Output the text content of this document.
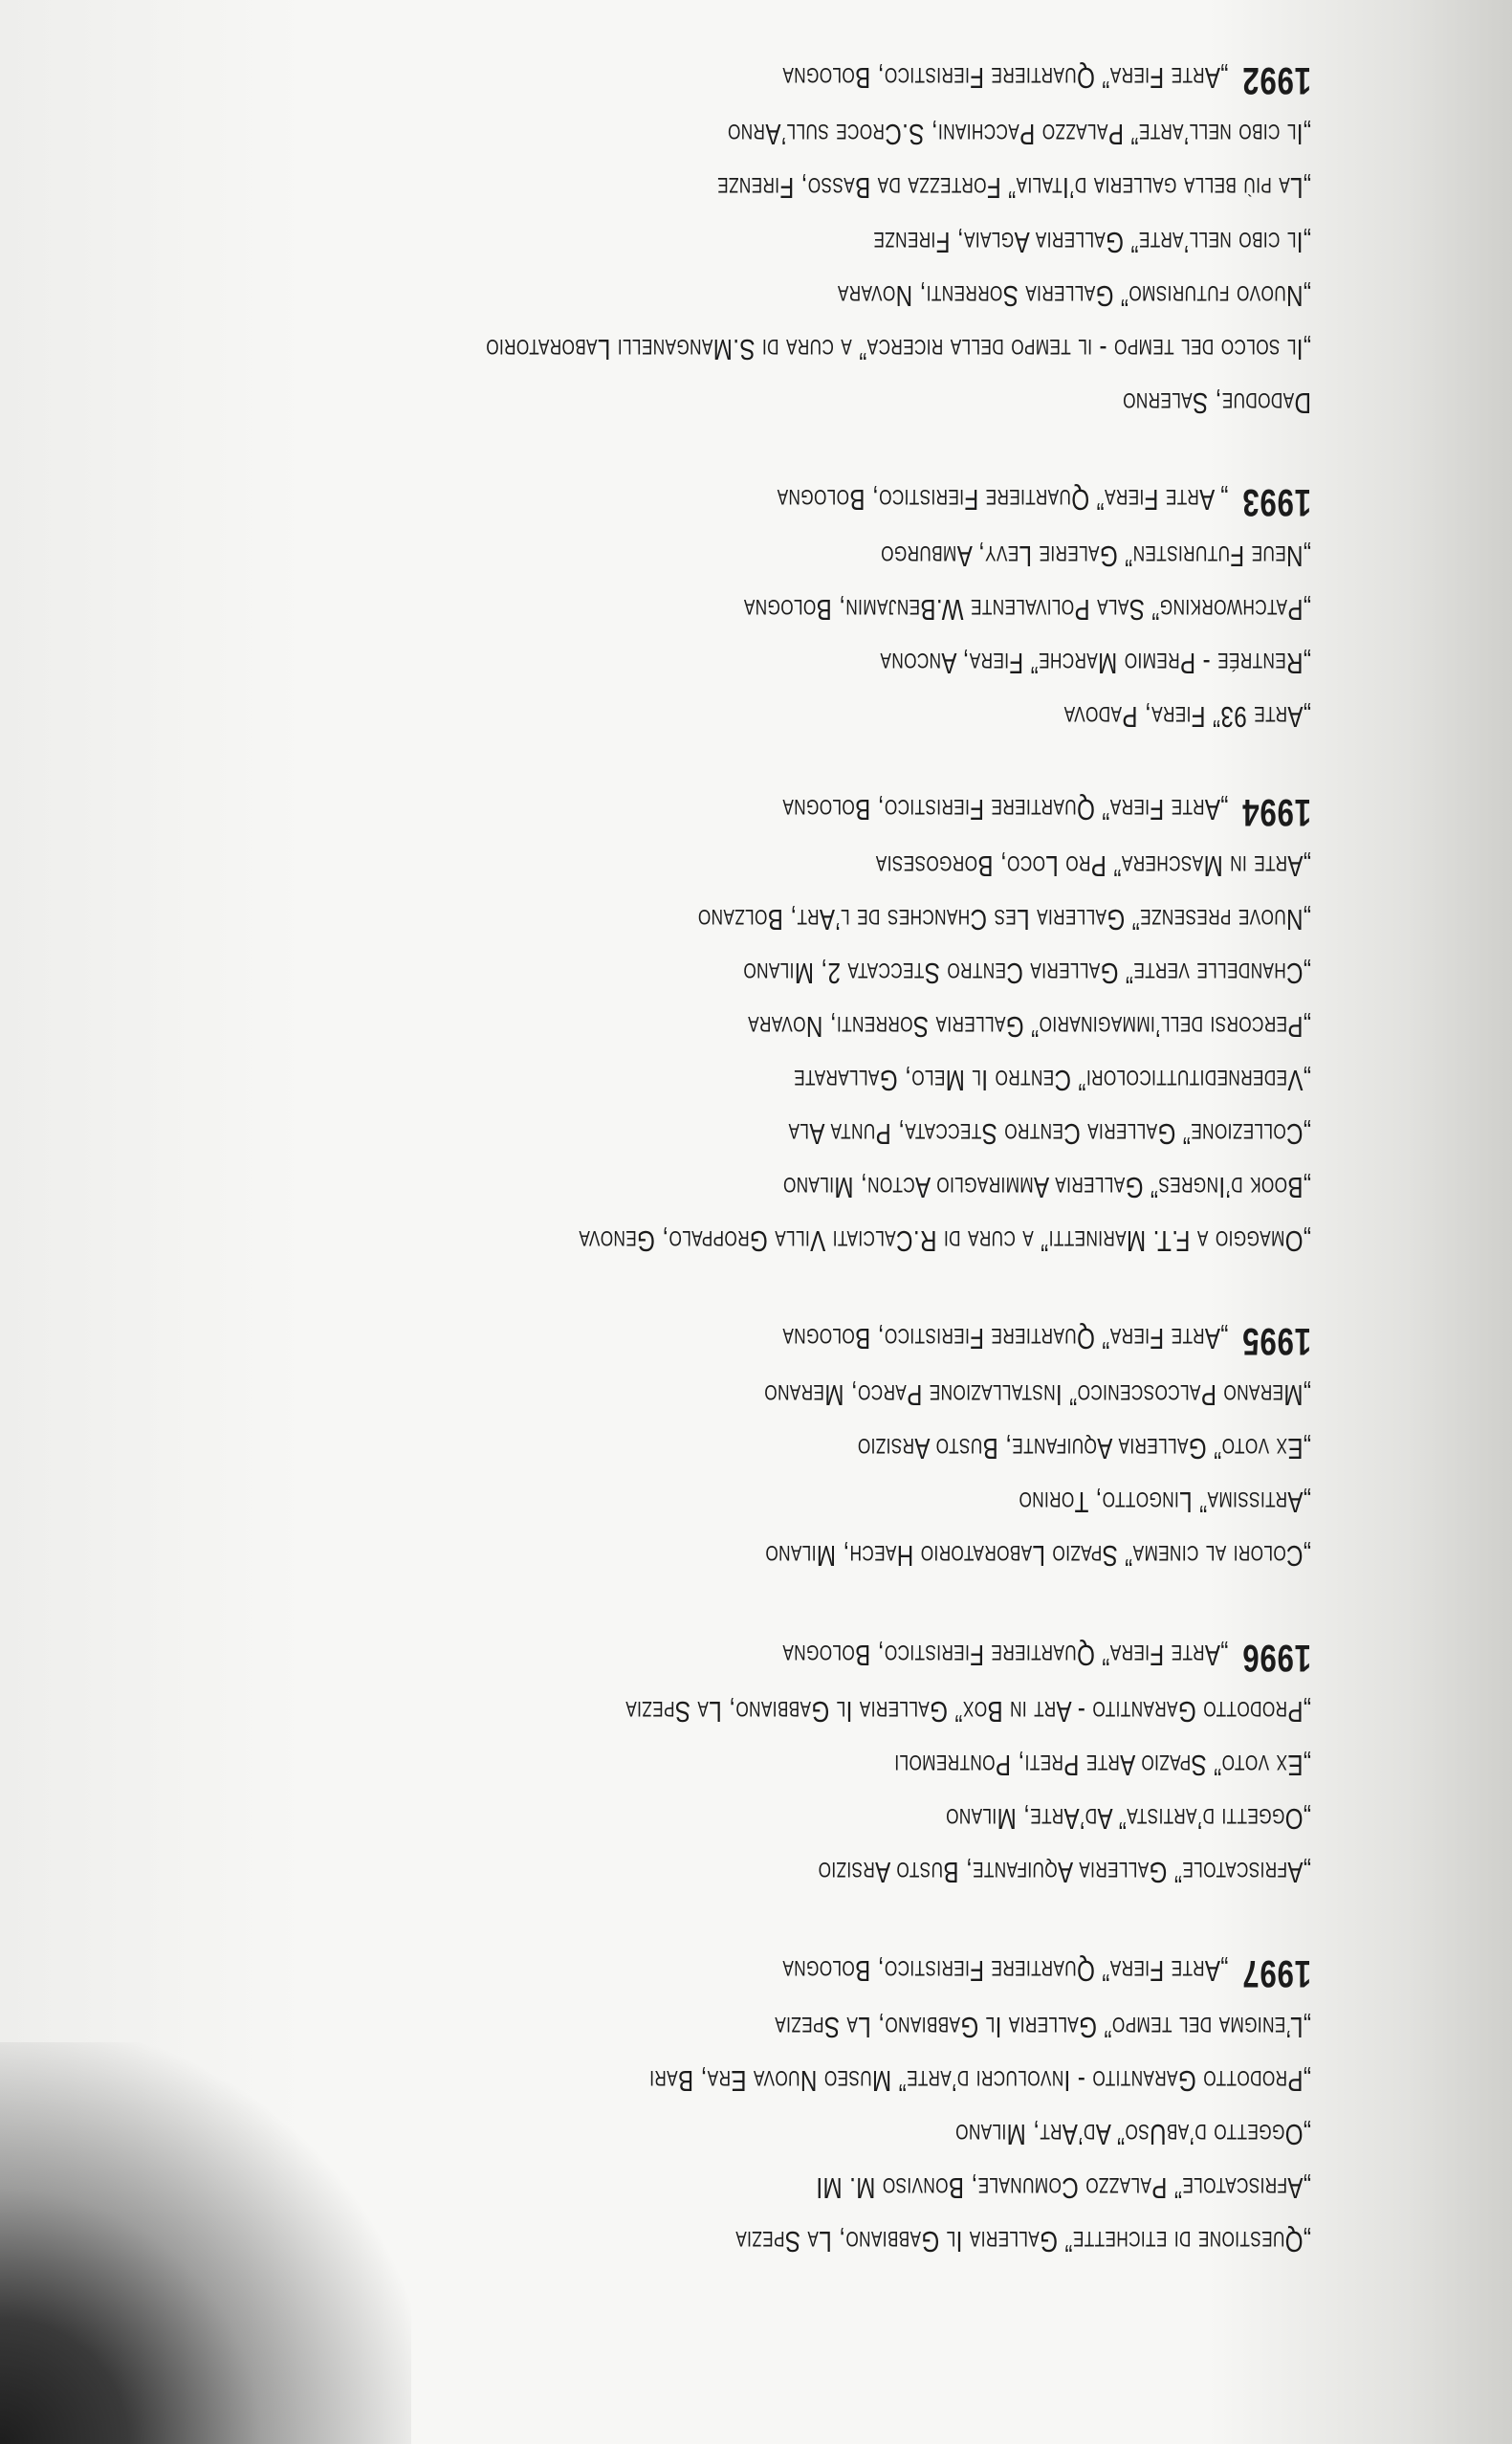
1992„Arte Fiera” Quartiere Fieristico, Bologna
„Il cibo nell’arte” Palazzo Pacchiani, S.Croce sull’Arno
„La più bella galleria d’Italia” Fortezza da Basso, Firenze
„Il cibo nell’arte” Galleria Aglaia, Firenze
„Nuovo futurismo” Galleria Sorrenti, Novara
„Il solco del tempo - il tempo della ricerca” a cura di S.Manganelli Laboratorio
Dadodue, Salerno
1993„ Arte Fiera” Quartiere Fieristico, Bologna
„Neue Futuristen” Galerie Levy, Amburgo
„Patchworking” Sala Polivalente W.Benjamin, Bologna
„Rentrée - Premio Marche” Fiera, Ancona
„Arte 93” Fiera, Padova
1994„Arte Fiera” Quartiere Fieristico, Bologna
„Arte in Maschera” Pro Loco, Borgosesia
„Nuove presenze” Galleria Les Chanches de l’Art, Bolzano
„Chandelle verte” Galleria Centro Steccata 2, Milano
„Percorsi dell’immaginario” Galleria Sorrenti, Novara
„Vederneditutticolori” Centro Il Melo, Gallarate
„Collezione” Galleria Centro Steccata, Punta Ala
„Book d’Ingres” Galleria Ammiraglio Acton, Milano
„Omaggio a F.T. Marinetti” a cura di R.Calciati Villa Groppalo, Genova
1995„Arte Fiera” Quartiere Fieristico, Bologna
„Merano Palcoscenico” Installazione Parco, Merano
„Ex voto” Galleria Aquifante, Busto Arsizio
„Artissima” Lingotto, Torino
„Colori al cinema” Spazio Laboratorio Haech, Milano
1996„Arte Fiera” Quartiere Fieristico, Bologna
„Prodotto Garantito - Art in Box” Galleria Il Gabbiano, La Spezia
„Ex voto” Spazio Arte Preti, Pontremoli
„Oggetti d’artista” Ad’Arte, Milano
„Afriscatole” Galleria Aquifante, Busto Arsizio
1997„Arte Fiera” Quartiere Fieristico, Bologna
„L’enigma del tempo” Galleria Il Gabbiano, La Spezia
„Prodotto Garantito - Involucri d’arte” Museo Nuova Era, Bari
„Oggetto d’abUso” Ad’Art, Milano
„Afriscatole” Palazzo Comunale, Bonviso M. MI
„Questione di etichette” Galleria Il Gabbiano, La Spezia
